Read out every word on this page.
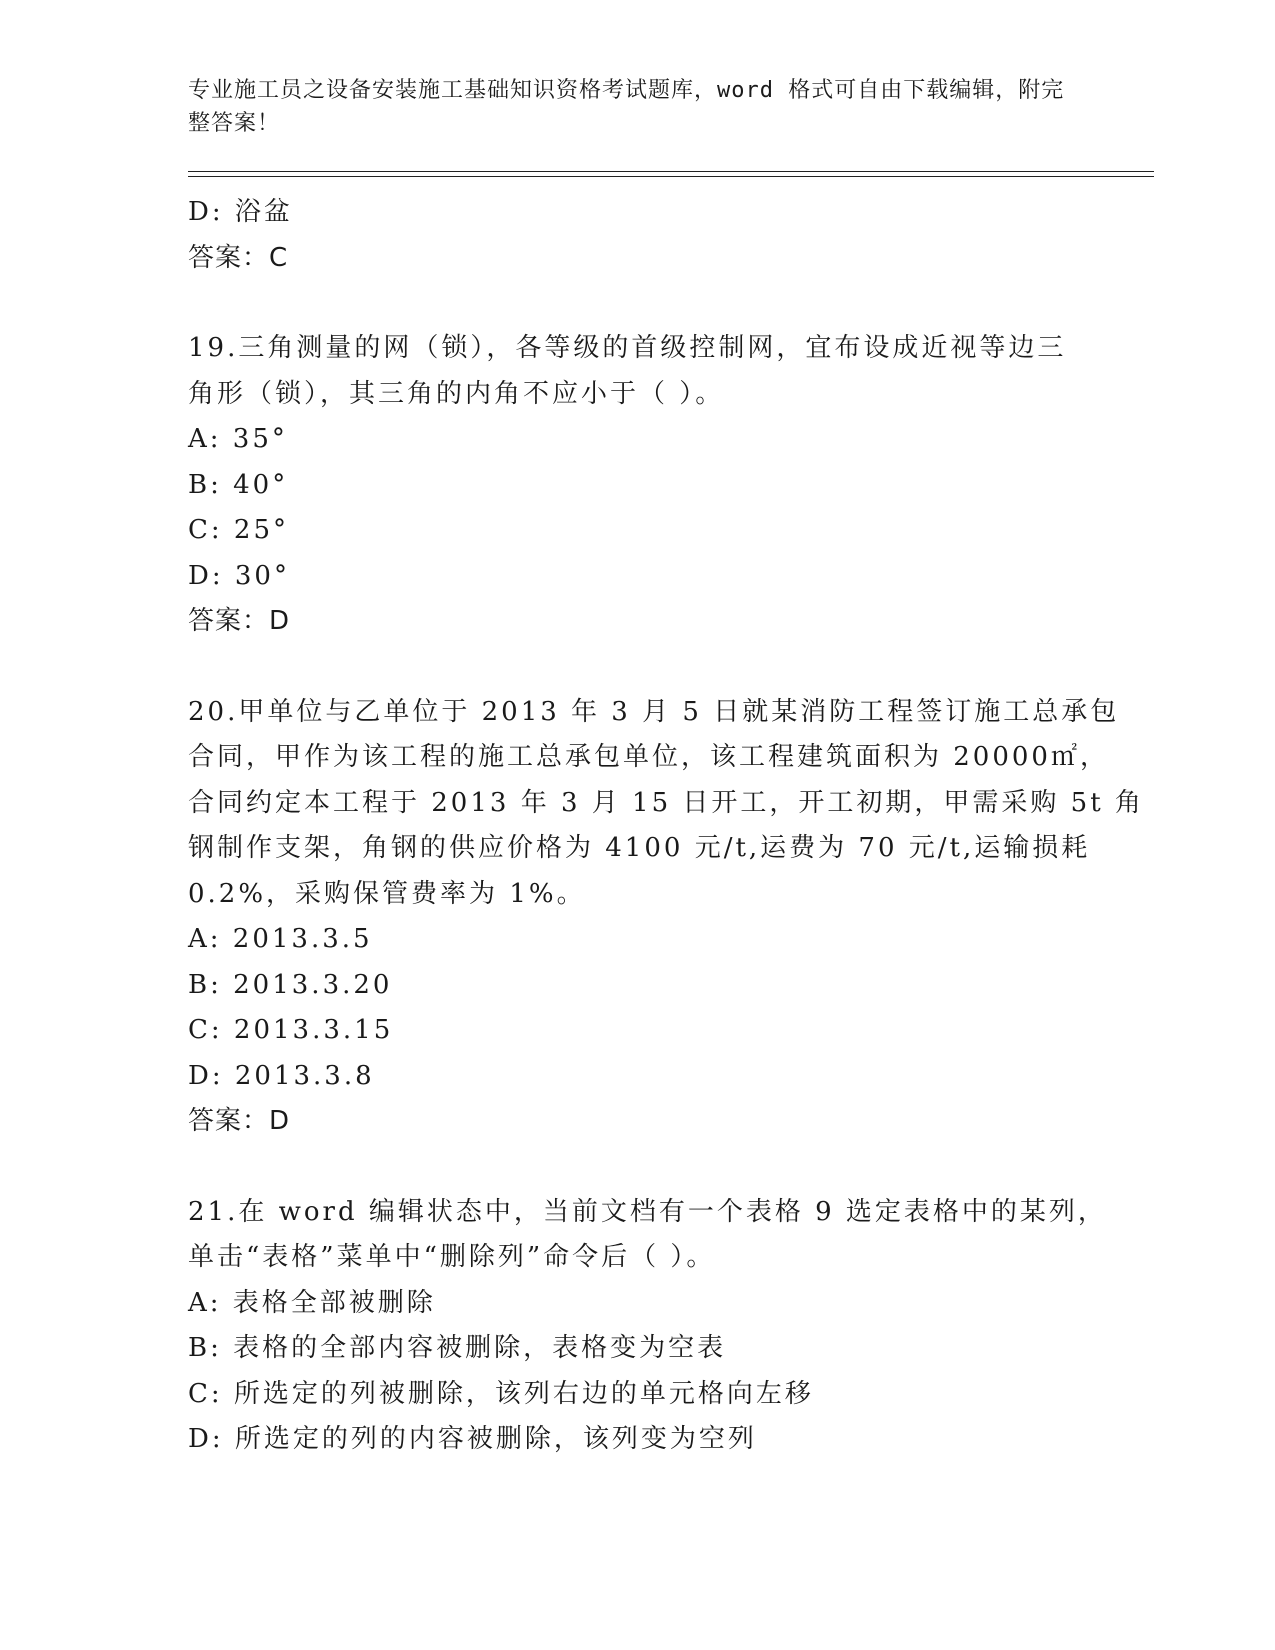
专业施工员之设备安装施工基础知识资格考试题库，word 格式可自由下载编辑，附完整答案！
D: 浴盆
答案：C
19.三角测量的网（锁），各等级的首级控制网，宜布设成近视等边三
角形（锁），其三角的内角不应小于（ ）。
A: 35°
B: 40°
C: 25°
D: 30°
答案：D
20.甲单位与乙单位于 2013 年 3 月 5 日就某消防工程签订施工总承包
合同，甲作为该工程的施工总承包单位，该工程建筑面积为 20000㎡，
合同约定本工程于 2013 年 3 月 15 日开工，开工初期，甲需采购 5t 角
钢制作支架，角钢的供应价格为 4100 元/t,运费为 70 元/t,运输损耗
0.2%，采购保管费率为 1%。
A: 2013.3.5
B: 2013.3.20
C: 2013.3.15
D: 2013.3.8
答案：D
21.在 word 编辑状态中，当前文档有一个表格 9 选定表格中的某列，
单击“表格”菜单中“删除列”命令后（ ）。
A: 表格全部被删除
B: 表格的全部内容被删除，表格变为空表
C: 所选定的列被删除，该列右边的单元格向左移
D: 所选定的列的内容被删除，该列变为空列
